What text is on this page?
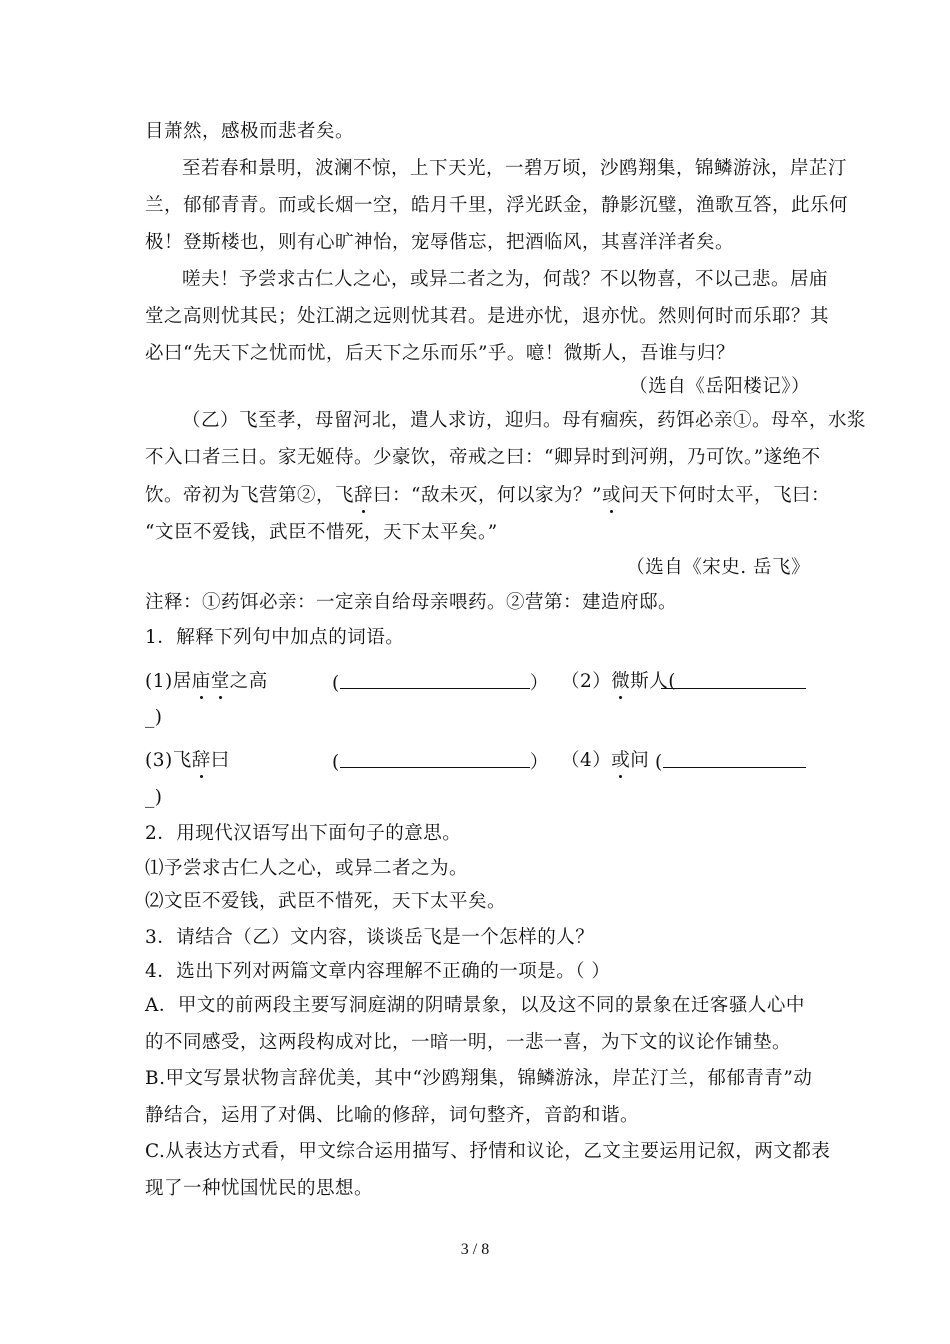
目萧然，感极而悲者矣。
至若春和景明，波澜不惊，上下天光，一碧万顷，沙鸥翔集，锦鳞游泳，岸芷汀
兰，郁郁青青。而或长烟一空，皓月千里，浮光跃金，静影沉璧，渔歌互答，此乐何
极！登斯楼也，则有心旷神怡，宠辱偕忘，把酒临风，其喜洋洋者矣。
嗟夫！予尝求古仁人之心，或异二者之为，何哉？不以物喜，不以己悲。居庙
堂之高则忧其民；处江湖之远则忧其君。是进亦忧，退亦忧。然则何时而乐耶？其
必曰“先天下之忧而忧，后天下之乐而乐”乎。噫！微斯人，吾谁与归？
（选自《岳阳楼记》）
（乙）飞至孝，母留河北，遣人求访，迎归。母有痼疾，药饵必亲①。母卒，水浆
不入口者三日。家无姬侍。少豪饮，帝戒之曰：“卿异时到河朔，乃可饮。”遂绝不
饮。帝初为飞营第②，飞辞曰：“敌未灭，何以家为？”或问天下何时太平，飞曰：
“文臣不爱钱，武臣不惜死，天下太平矣。”
（选自《宋史. 岳飞》
注释：①药饵必亲：一定亲自给母亲喂药。②营第：建造府邸。
1．解释下列句中加点的词语。
(1)居庙堂之高	(	） （2）微斯人(
_)
(3)飞辞曰	(	） （4）或问 (
_)
2．用现代汉语写出下面句子的意思。
⑴予尝求古仁人之心，或异二者之为。
⑵文臣不爱钱，武臣不惜死，天下太平矣。
3．请结合（乙）文内容，谈谈岳飞是一个怎样的人？
4．选出下列对两篇文章内容理解不正确的一项是。（ ）
A．甲文的前两段主要写洞庭湖的阴晴景象，以及这不同的景象在迁客骚人心中
的不同感受，这两段构成对比，一暗一明，一悲一喜，为下文的议论作铺垫。
B.甲文写景状物言辞优美，其中“沙鸥翔集，锦鳞游泳，岸芷汀兰，郁郁青青”动
静结合，运用了对偶、比喻的修辞，词句整齐，音韵和谐。
C.从表达方式看，甲文综合运用描写、抒情和议论，乙文主要运用记叙，两文都表
现了一种忧国忧民的思想。
3 / 8
